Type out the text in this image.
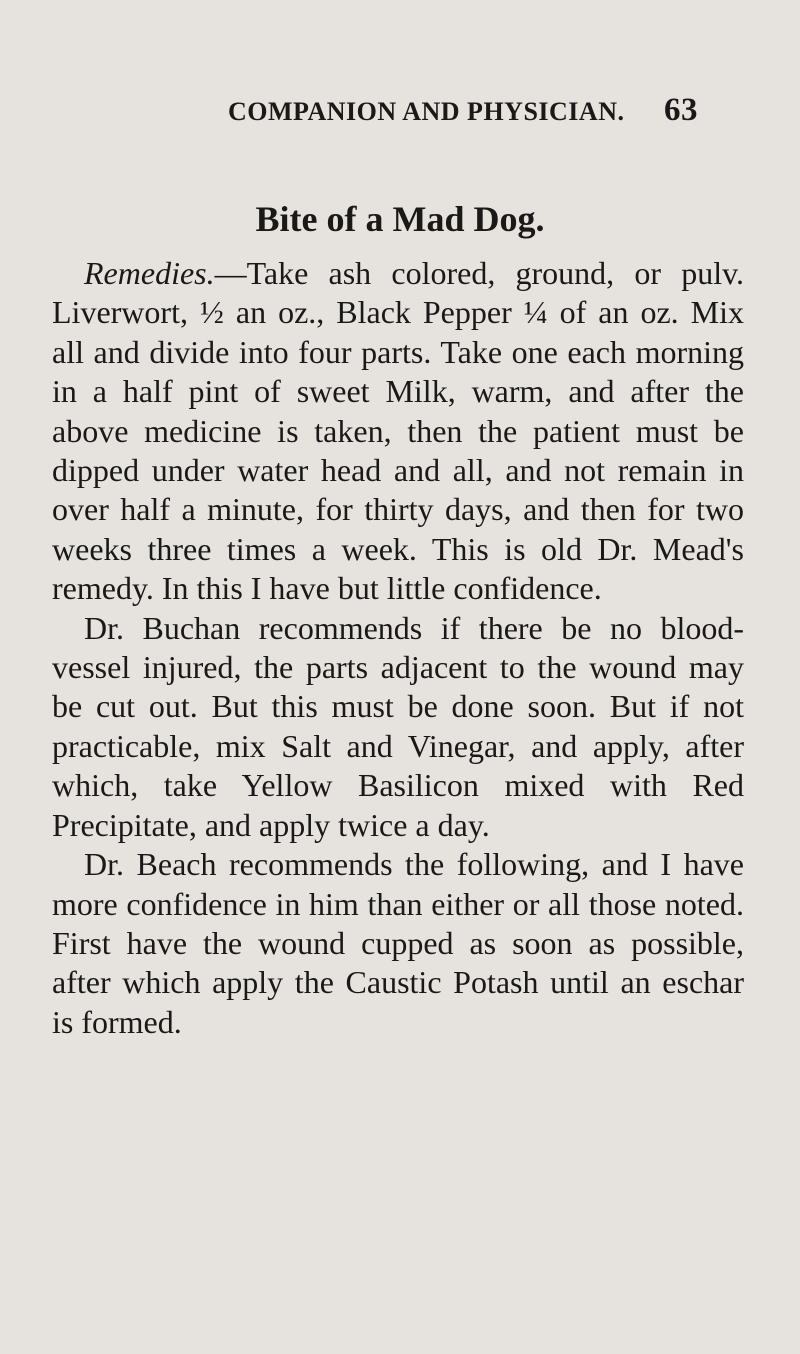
COMPANION AND PHYSICIAN. 63
Bite of a Mad Dog.

Remedies.—Take ash colored, ground, or pulv. Liverwort, ½ an oz., Black Pepper ¼ of an oz. Mix all and divide into four parts. Take one each morning in a half pint of sweet Milk, warm, and after the above medicine is taken, then the patient must be dipped under water head and all, and not remain in over half a minute, for thirty days, and then for two weeks three times a week. This is old Dr. Mead's remedy. In this I have but little confidence.

Dr. Buchan recommends if there be no blood-vessel injured, the parts adjacent to the wound may be cut out. But this must be done soon. But if not practicable, mix Salt and Vinegar, and apply, after which, take Yellow Basilicon mixed with Red Precipitate, and apply twice a day.

Dr. Beach recommends the following, and I have more confidence in him than either or all those noted. First have the wound cupped as soon as possible, after which apply the Caustic Potash until an eschar is formed.
